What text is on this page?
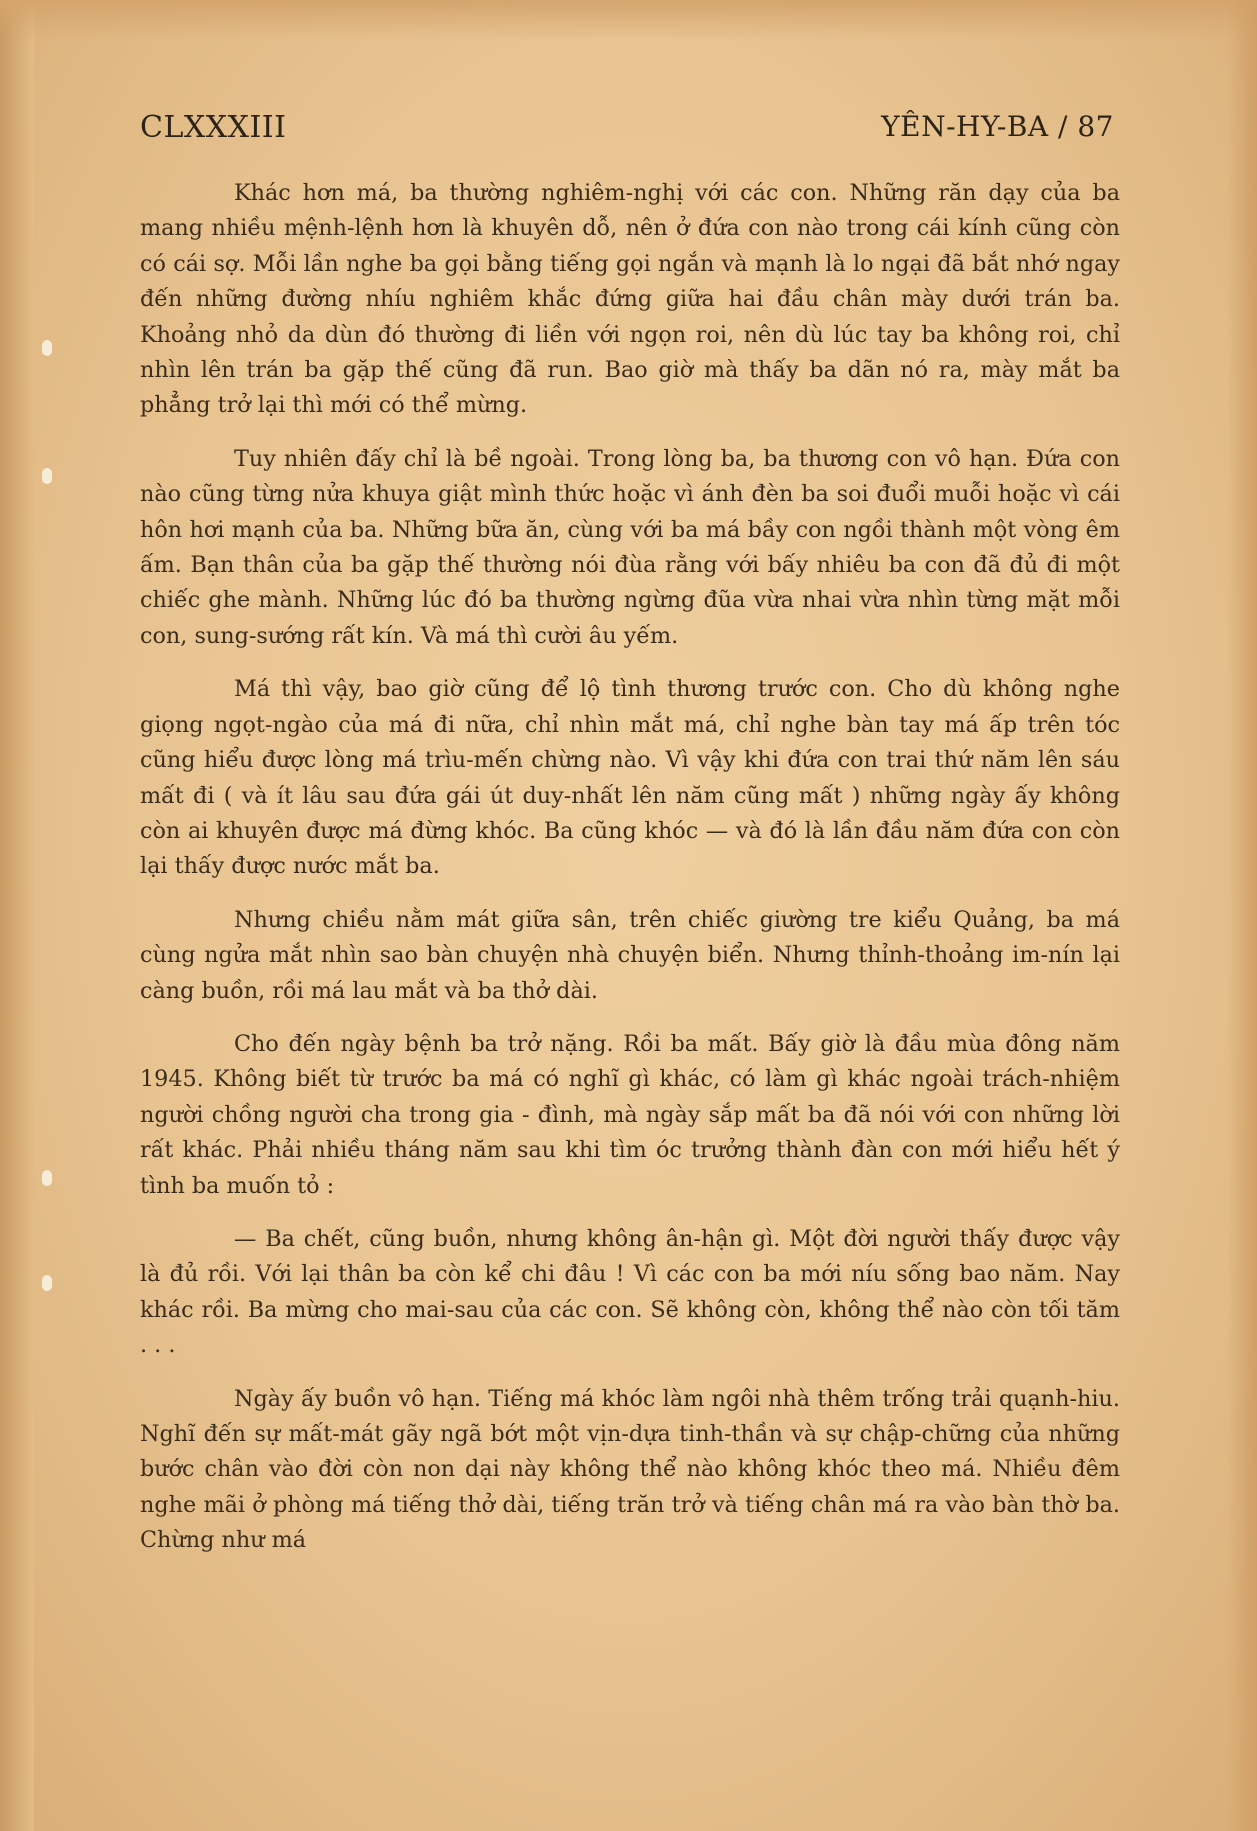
CLXXXIII	YÊN-HY-BA / 87

Khác hơn má, ba thường nghiêm-nghị với các con. Những răn dạy của ba mang nhiều mệnh-lệnh hơn là khuyên dỗ, nên ở đứa con nào trong cái kính cũng còn có cái sợ. Mỗi lần nghe ba gọi bằng tiếng gọi ngắn và mạnh là lo ngại đã bắt nhớ ngay đến những đường nhíu nghiêm khắc đứng giữa hai đầu chân mày dưới trán ba. Khoảng nhỏ da dùn đó thường đi liền với ngọn roi, nên dù lúc tay ba không roi, chỉ nhìn lên trán ba gặp thế cũng đã run. Bao giờ mà thấy ba dãn nó ra, mày mắt ba phẳng trở lại thì mới có thể mừng.

Tuy nhiên đấy chỉ là bề ngoài. Trong lòng ba, ba thương con vô hạn. Đứa con nào cũng từng nửa khuya giật mình thức hoặc vì ánh đèn ba soi đuổi muỗi hoặc vì cái hôn hơi mạnh của ba. Những bữa ăn, cùng với ba má bầy con ngồi thành một vòng êm ấm. Bạn thân của ba gặp thế thường nói đùa rằng với bấy nhiêu ba con đã đủ đi một chiếc ghe mành. Những lúc đó ba thường ngừng đũa vừa nhai vừa nhìn từng mặt mỗi con, sung-sướng rất kín. Và má thì cười âu yếm.

Má thì vậy, bao giờ cũng để lộ tình thương trước con. Cho dù không nghe giọng ngọt-ngào của má đi nữa, chỉ nhìn mắt má, chỉ nghe bàn tay má ấp trên tóc cũng hiểu được lòng má trìu-mến chừng nào. Vì vậy khi đứa con trai thứ năm lên sáu mất đi ( và ít lâu sau đứa gái út duy-nhất lên năm cũng mất ) những ngày ấy không còn ai khuyên được má đừng khóc. Ba cũng khóc — và đó là lần đầu năm đứa con còn lại thấy được nước mắt ba.

Nhưng chiều nằm mát giữa sân, trên chiếc giường tre kiểu Quảng, ba má cùng ngửa mắt nhìn sao bàn chuyện nhà chuyện biển. Nhưng thỉnh-thoảng im-nín lại càng buồn, rồi má lau mắt và ba thở dài.

Cho đến ngày bệnh ba trở nặng. Rồi ba mất. Bấy giờ là đầu mùa đông năm 1945. Không biết từ trước ba má có nghĩ gì khác, có làm gì khác ngoài trách-nhiệm người chồng người cha trong gia - đình, mà ngày sắp mất ba đã nói với con những lời rất khác. Phải nhiều tháng năm sau khi tìm óc trưởng thành đàn con mới hiểu hết ý tình ba muốn tỏ :

— Ba chết, cũng buồn, nhưng không ân-hận gì. Một đời người thấy được vậy là đủ rồi. Với lại thân ba còn kể chi đâu ! Vì các con ba mới níu sống bao năm. Nay khác rồi. Ba mừng cho mai-sau của các con. Sẽ không còn, không thể nào còn tối tăm . . .

Ngày ấy buồn vô hạn. Tiếng má khóc làm ngôi nhà thêm trống trải quạnh-hiu. Nghĩ đến sự mất-mát gãy ngã bớt một vịn-dựa tinh-thần và sự chập-chững của những bước chân vào đời còn non dại này không thể nào không khóc theo má. Nhiều đêm nghe mãi ở phòng má tiếng thở dài, tiếng trăn trở và tiếng chân má ra vào bàn thờ ba. Chừng như má
